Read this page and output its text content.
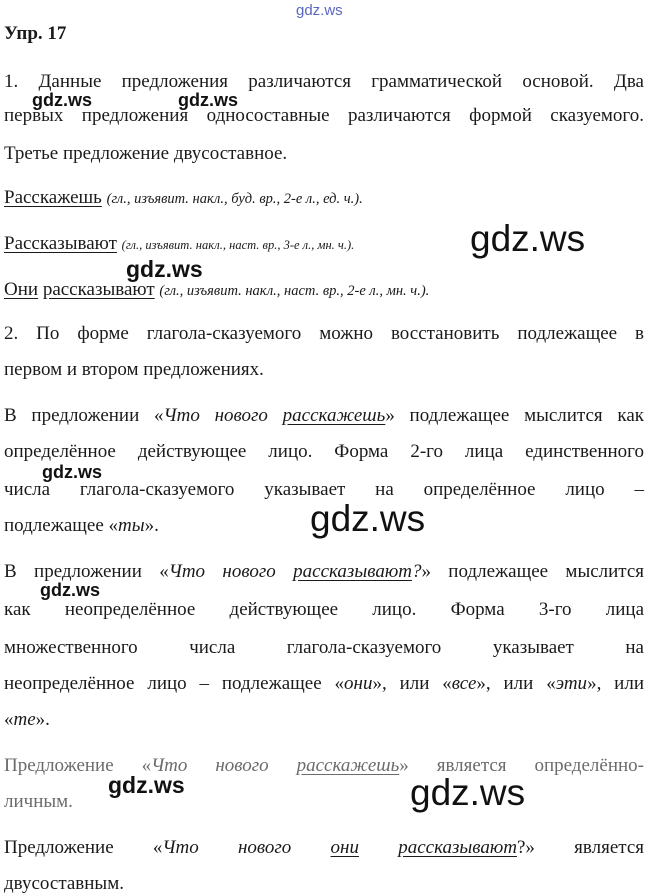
gdz.ws
gdz.ws	gdz.ws
gdz.ws
gdz.ws
gdz.ws
gdz.ws
gdz.ws
gdz.ws	gdz.ws
Упр. 17
1. Данные предложения различаются грамматической основой. Два
первых предложения односоставные различаются формой сказуемого.
Третье предложение двусоставное.
Расскажешь (гл., изъявит. накл., буд. вр., 2-е л., ед. ч.).
Рассказывают (гл., изъявит. накл., наст. вр., 3-е л., мн. ч.).
Они рассказывают (гл., изъявит. накл., наст. вр., 2-е л., мн. ч.).
2. По форме глагола-сказуемого можно восстановить подлежащее в
первом и втором предложениях.
В предложении «Что нового расскажешь» подлежащее мыслится как
определённое действующее лицо. Форма 2-го лица единственного
числа глагола-сказуемого указывает на определённое лицо –
подлежащее «ты».
В предложении «Что нового рассказывают?» подлежащее мыслится
как неопределённое действующее лицо. Форма 3-го лица
множественного числа глагола-сказуемого указывает на
неопределённое лицо – подлежащее «они», или «все», или «эти», или
«те».
Предложение «Что нового расскажешь» является определённо-
личным.
Предложение «Что нового они рассказывают?» является
двусоставным.
